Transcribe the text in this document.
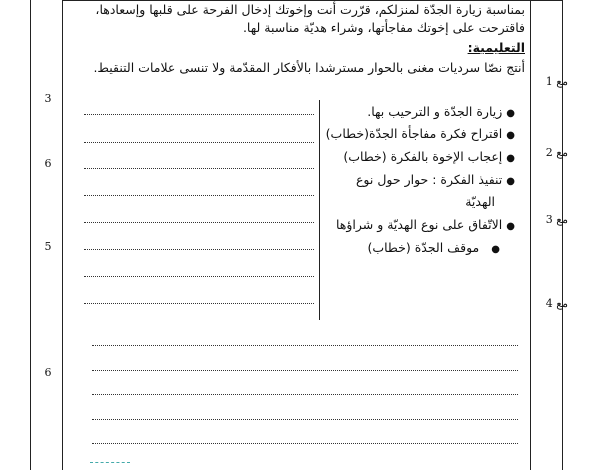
بمناسبة زيارة الجدّة لمنزلكم، قرّرت أنت وإخوتك إدخال الفرحة على قلبها وإسعادها،
فاقترحت على إخوتك مفاجأتها، وشراء هديّة مناسبة لها.
التعليمية:
أنتج نصّا سرديات مغنى بالحوار مسترشدا بالأفكار المقدّمة ولا تنسى علامات التنقيط.
3
6
5
6
مع 1
مع 2
مع 3
مع 4
●زيارة الجدّة و الترحيب بها.
●اقتراح فكرة مفاجأة الجدّة(خطاب)
●إعجاب الإخوة بالفكرة (خطاب)
●تنفيذ الفكرة : حوار حول نوع
الهديّة
●الاتّفاق على نوع الهديّة و شراؤها
●موقف الجدّة (خطاب)
